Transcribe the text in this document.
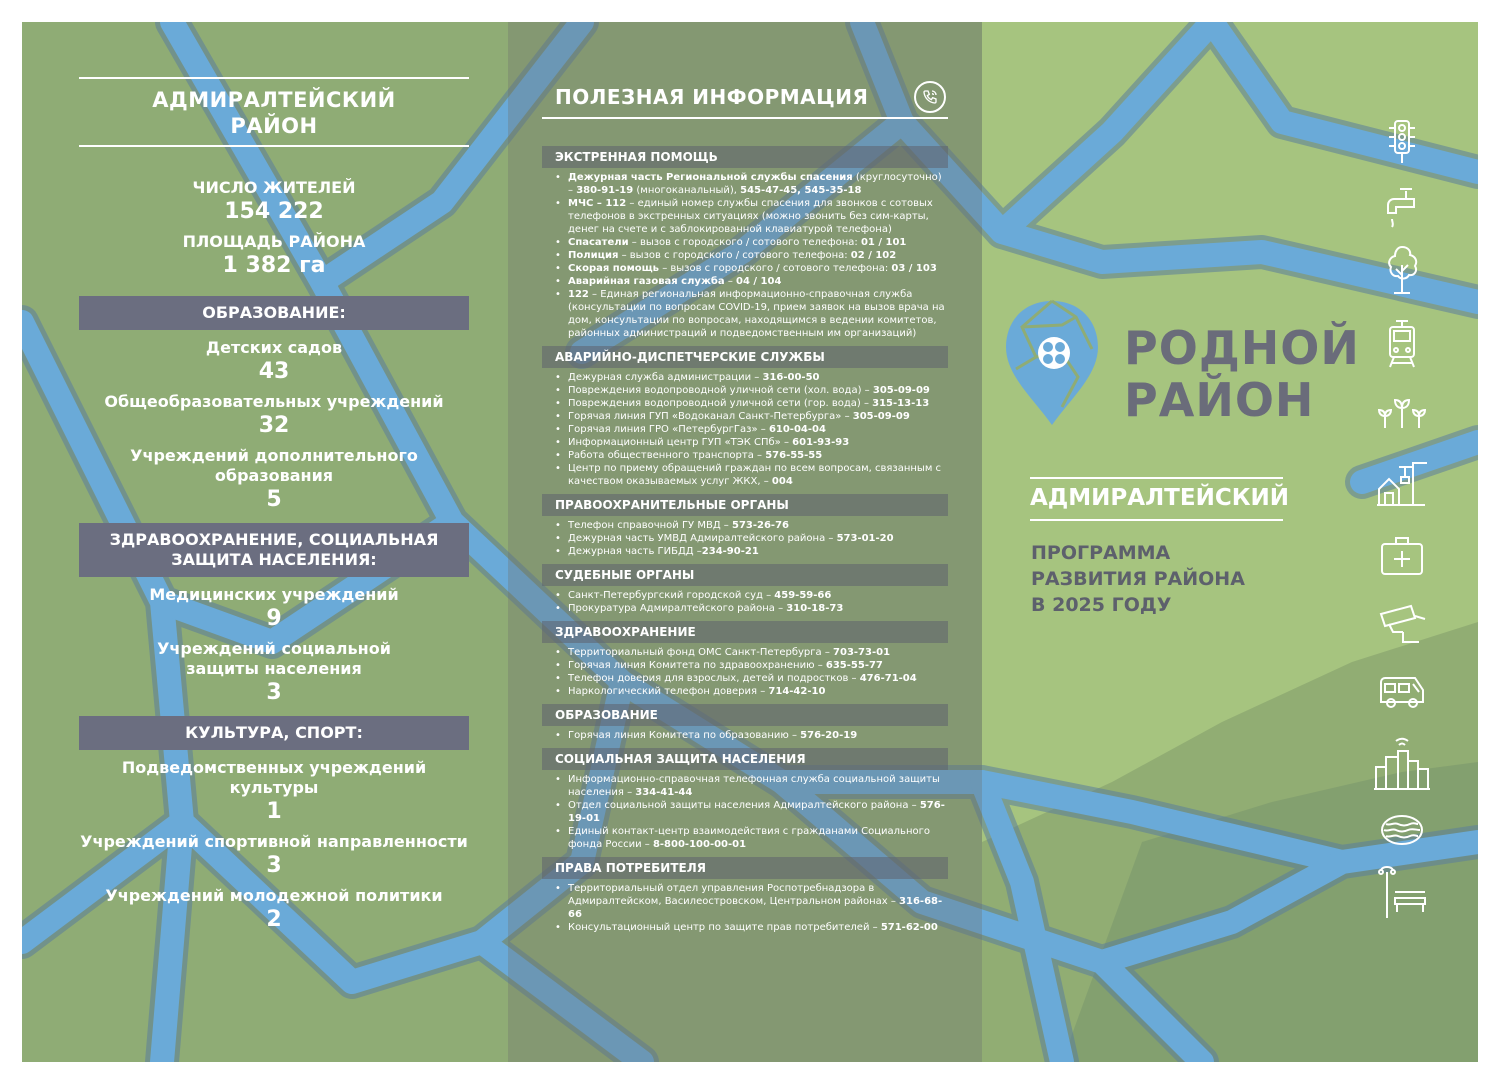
АДМИРАЛТЕЙСКИЙ РАЙОН
ЧИСЛО ЖИТЕЛЕЙ
154 222
ПЛОЩАДЬ РАЙОНА
1 382 га
ОБРАЗОВАНИЕ:
Детских садов
43
Общеобразовательных учреждений
32
Учреждений дополнительного образования
5
ЗДРАВООХРАНЕНИЕ, СОЦИАЛЬНАЯ ЗАЩИТА НАСЕЛЕНИЯ:
Медицинских учреждений
9
Учреждений социальной защиты населения
3
КУЛЬТУРА, СПОРТ:
Подведомственных учреждений культуры
1
Учреждений спортивной направленности
3
Учреждений молодежной политики
2
ПОЛЕЗНАЯ ИНФОРМАЦИЯ
ЭКСТРЕННАЯ ПОМОЩЬ
• Дежурная часть Региональной службы спасения (круглосуточно) – 380-91-19 (многоканальный), 545-47-45, 545-35-18
• МЧС – 112 – единый номер службы спасения для звонков с сотовых телефонов в экстренных ситуациях (можно звонить без сим-карты, денег на счете и с заблокированной клавиатурой телефона)
• Спасатели – вызов с городского / сотового телефона: 01 / 101
• Полиция – вызов с городского / сотового телефона: 02 / 102
• Скорая помощь – вызов с городского / сотового телефона: 03 / 103
• Аварийная газовая служба – 04 / 104
• 122 – Единая региональная информационно-справочная служба (консультации по вопросам COVID-19, прием заявок на вызов врача на дом, консультации по вопросам, находящимся в ведении комитетов, районных администраций и подведомственным им организаций)
АВАРИЙНО-ДИСПЕТЧЕРСКИЕ СЛУЖБЫ
• Дежурная служба администрации – 316-00-50
• Повреждения водопроводной уличной сети (хол. вода) – 305-09-09
• Повреждения водопроводной уличной сети (гор. вода) – 315-13-13
• Горячая линия ГУП «Водоканал Санкт-Петербурга» – 305-09-09
• Горячая линия ГРО «ПетербургГаз» – 610-04-04
• Информационный центр ГУП «ТЭК СПб» – 601-93-93
• Работа общественного транспорта – 576-55-55
• Центр по приему обращений граждан по всем вопросам, связанным с качеством оказываемых услуг ЖКХ, – 004
ПРАВООХРАНИТЕЛЬНЫЕ ОРГАНЫ
• Телефон справочной ГУ МВД – 573-26-76
• Дежурная часть УМВД Адмиралтейского района – 573-01-20
• Дежурная часть ГИБДД –234-90-21
СУДЕБНЫЕ ОРГАНЫ
• Санкт-Петербургский городской суд – 459-59-66
• Прокуратура Адмиралтейского района – 310-18-73
ЗДРАВООХРАНЕНИЕ
• Территориальный фонд ОМС Санкт-Петербурга – 703-73-01
• Горячая линия Комитета по здравоохранению – 635-55-77
• Телефон доверия для взрослых, детей и подростков – 476-71-04
• Наркологический телефон доверия – 714-42-10
ОБРАЗОВАНИЕ
• Горячая линия Комитета по образованию – 576-20-19
СОЦИАЛЬНАЯ ЗАЩИТА НАСЕЛЕНИЯ
• Информационно-справочная телефонная служба социальной защиты населения – 334-41-44
• Отдел социальной защиты населения Адмиралтейского района – 576-19-01
• Единый контакт-центр взаимодействия с гражданами Социального фонда России – 8-800-100-00-01
ПРАВА ПОТРЕБИТЕЛЯ
• Территориальный отдел управления Роспотребнадзора в Адмиралтейском, Василеостровском, Центральном районах – 316-68-66
• Консультационный центр по защите прав потребителей – 571-62-00
РОДНОЙ
РАЙОН
АДМИРАЛТЕЙСКИЙ
ПРОГРАММА
РАЗВИТИЯ РАЙОНА
В 2025 ГОДУ
